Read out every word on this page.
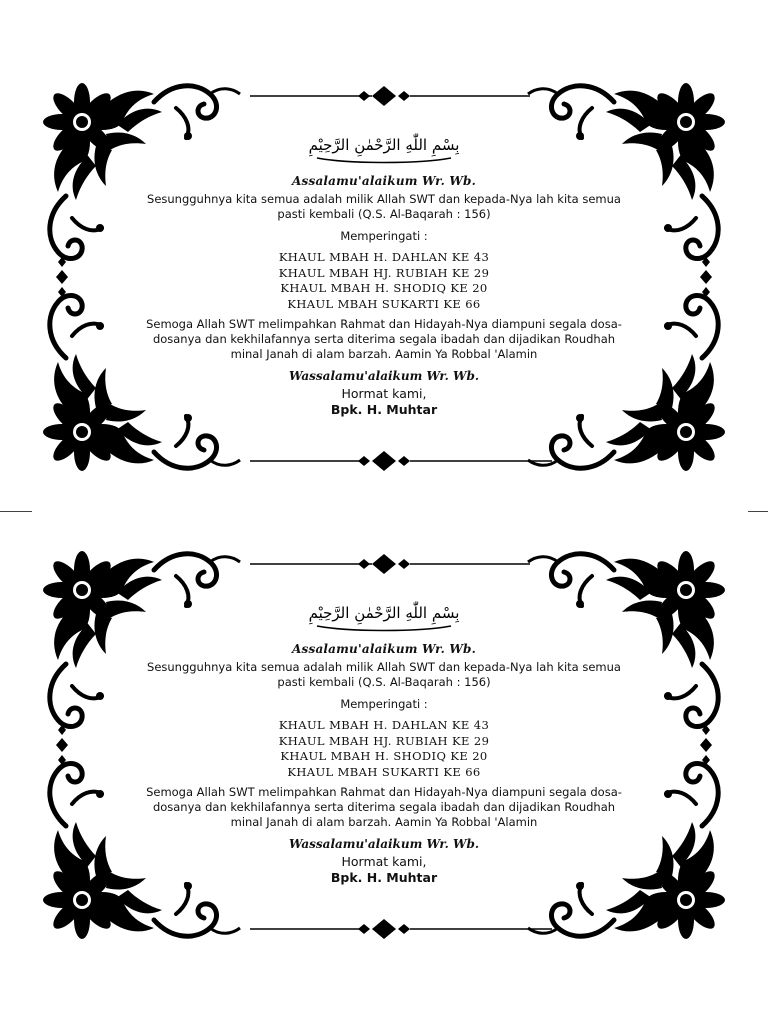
بِسْمِ اللّٰهِ الرَّحْمٰنِ الرَّحِيْمِ
Assalamu'alaikum Wr. Wb.
Sesungguhnya kita semua adalah milik Allah SWT dan kepada-Nya lah kita semua pasti kembali (Q.S. Al-Baqarah : 156)
Memperingati :
KHAUL MBAH H. DAHLAN KE 43
KHAUL MBAH HJ. RUBIAH KE 29
KHAUL MBAH H. SHODIQ KE 20
KHAUL MBAH SUKARTI KE 66
Semoga Allah SWT melimpahkan Rahmat dan Hidayah-Nya diampuni segala dosa-dosanya dan kekhilafannya serta diterima segala ibadah dan dijadikan Roudhah minal Janah di alam barzah. Aamin Ya Robbal 'Alamin
Wassalamu'alaikum Wr. Wb.
Hormat kami,
Bpk. H. Muhtar
بِسْمِ اللّٰهِ الرَّحْمٰنِ الرَّحِيْمِ
Assalamu'alaikum Wr. Wb.
Sesungguhnya kita semua adalah milik Allah SWT dan kepada-Nya lah kita semua pasti kembali (Q.S. Al-Baqarah : 156)
Memperingati :
KHAUL MBAH H. DAHLAN KE 43
KHAUL MBAH HJ. RUBIAH KE 29
KHAUL MBAH H. SHODIQ KE 20
KHAUL MBAH SUKARTI KE 66
Semoga Allah SWT melimpahkan Rahmat dan Hidayah-Nya diampuni segala dosa-dosanya dan kekhilafannya serta diterima segala ibadah dan dijadikan Roudhah minal Janah di alam barzah. Aamin Ya Robbal 'Alamin
Wassalamu'alaikum Wr. Wb.
Hormat kami,
Bpk. H. Muhtar
